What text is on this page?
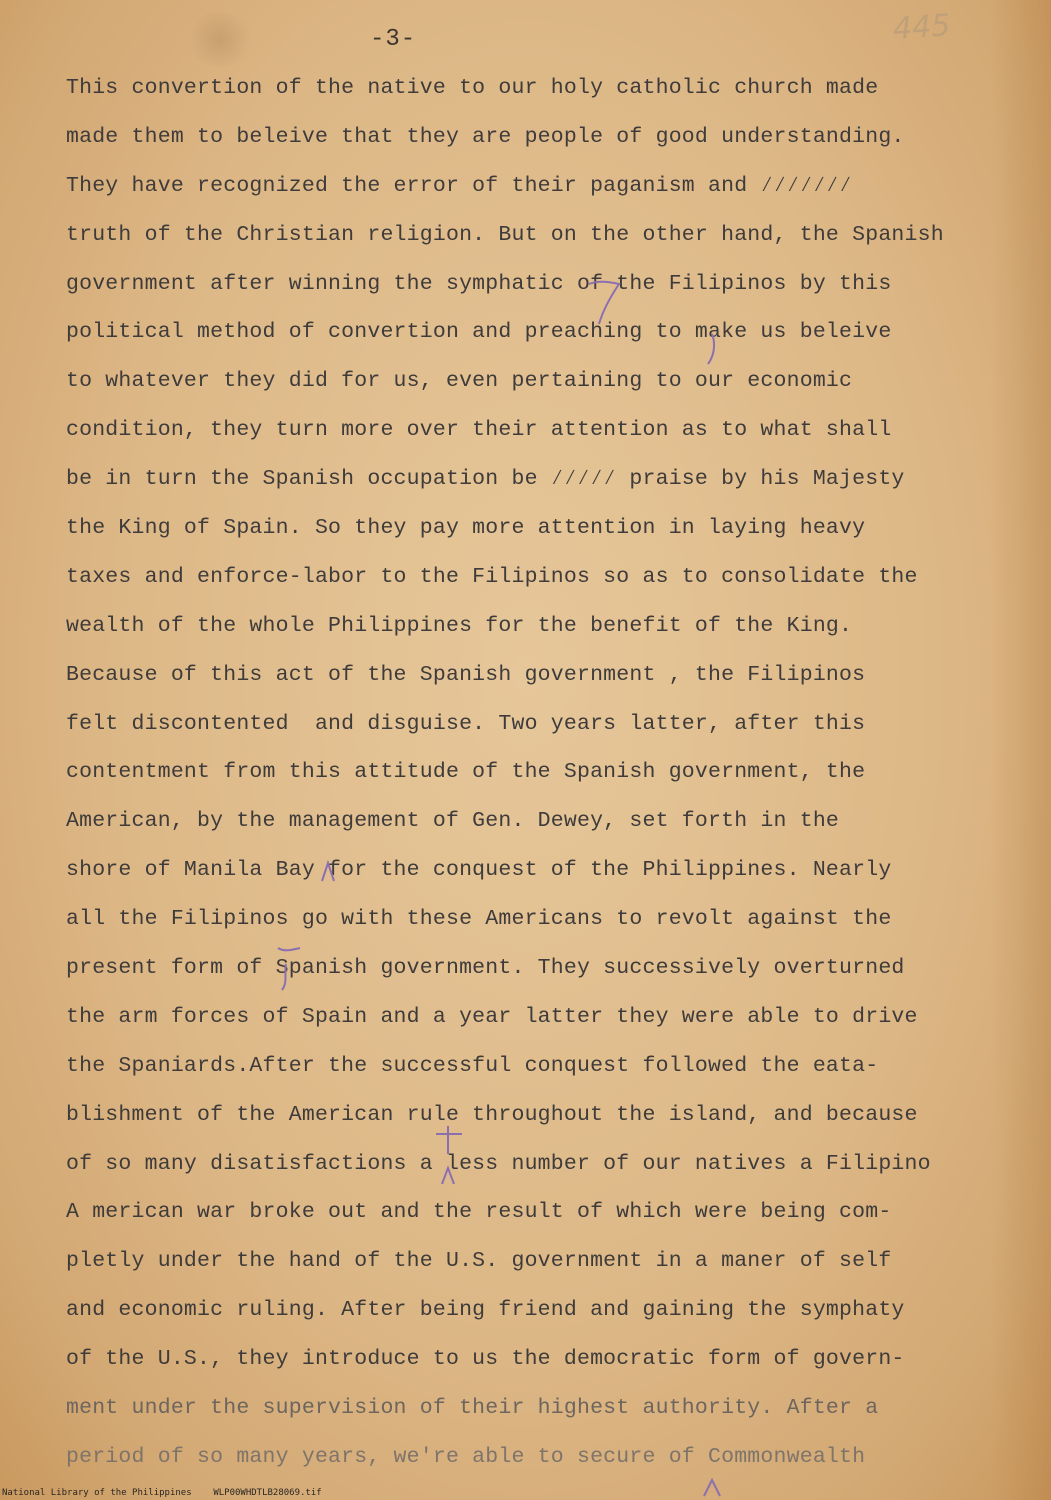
-3-	445
This convertion of the native to our holy catholic church made
made them to beleive that they are people of good understanding.
They have recognized the error of their paganism and ∕∕∕∕∕∕∕
truth of the Christian religion. But on the other hand, the Spanish
government after winning the symphatic of the Filipinos by this
political method of convertion and preaching to make us beleive
to whatever they did for us, even pertaining to our economic
condition, they turn more over their attention as to what shall
be in turn the Spanish occupation be ∕∕∕∕∕ praise by his Majesty
the King of Spain. So they pay more attention in laying heavy
taxes and enforce-labor to the Filipinos so as to consolidate the
wealth of the whole Philippines for the benefit of the King.
Because of this act of the Spanish government , the Filipinos
felt discontented  and disguise. Two years latter, after this
contentment from this attitude of the Spanish government, the
American, by the management of Gen. Dewey, set forth in the
shore of Manila Bay for the conquest of the Philippines. Nearly
all the Filipinos go with these Americans to revolt against the
present form of Spanish government. They successively overturned
the arm forces of Spain and a year latter they were able to drive
the Spaniards.After the successful conquest followed the eata-
blishment of the American rule throughout the island, and because
of so many disatisfactions a less number of our natives a Filipino
A merican war broke out and the result of which were being com-
pletly under the hand of the U.S. government in a maner of self
and economic ruling. After being friend and gaining the symphaty
of the U.S., they introduce to us the democratic form of govern-
ment under the supervision of their highest authority. After a
period of so many years, we're able to secure of Commonwealth
National Library of the Philippines    WLP00WHDTLB28069.tif
